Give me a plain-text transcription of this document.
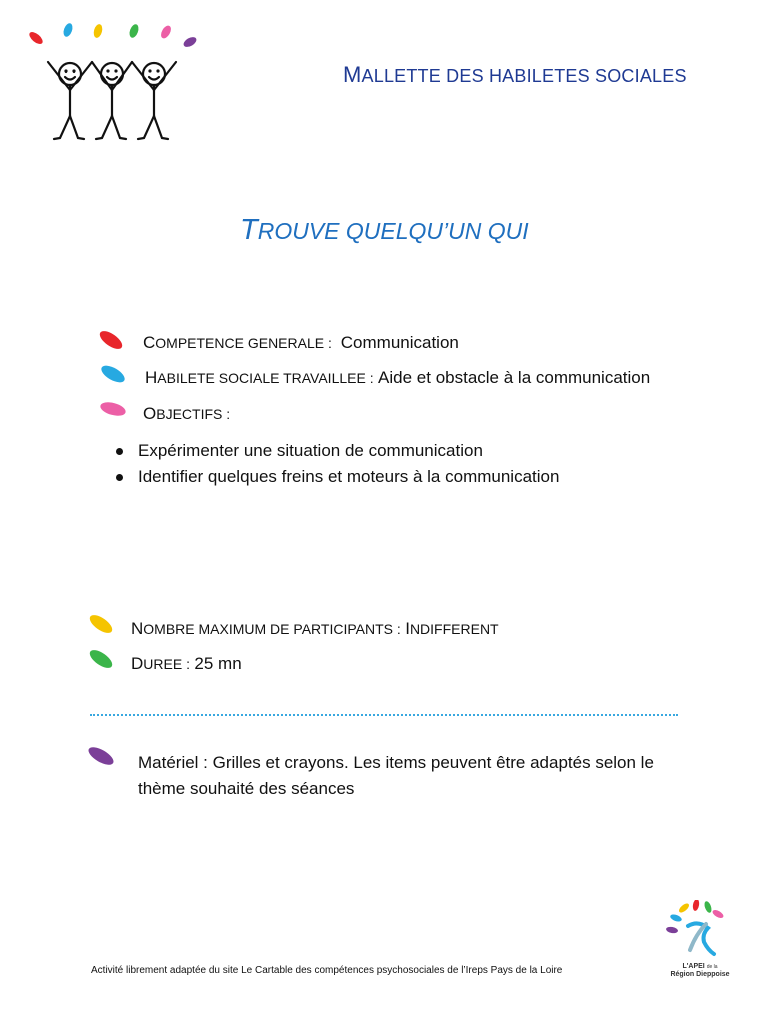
MALLETTE DES HABILETES SOCIALES
TROUVE QUELQU’UN QUI
COMPETENCE GENERALE : Communication
HABILETE SOCIALE TRAVAILLEE : Aide et obstacle à la communication
OBJECTIFS :
Expérimenter une situation de communication
Identifier quelques freins et moteurs à la communication
NOMBRE MAXIMUM DE PARTICIPANTS : INDIFFERENT
DUREE : 25 mn
Matériel : Grilles et crayons. Les items peuvent être adaptés selon le thème souhaité des séances
Activité librement adaptée du site Le Cartable des compétences psychosociales de l’Ireps Pays de la Loire	L'APEI de la
Région Dieppoise
